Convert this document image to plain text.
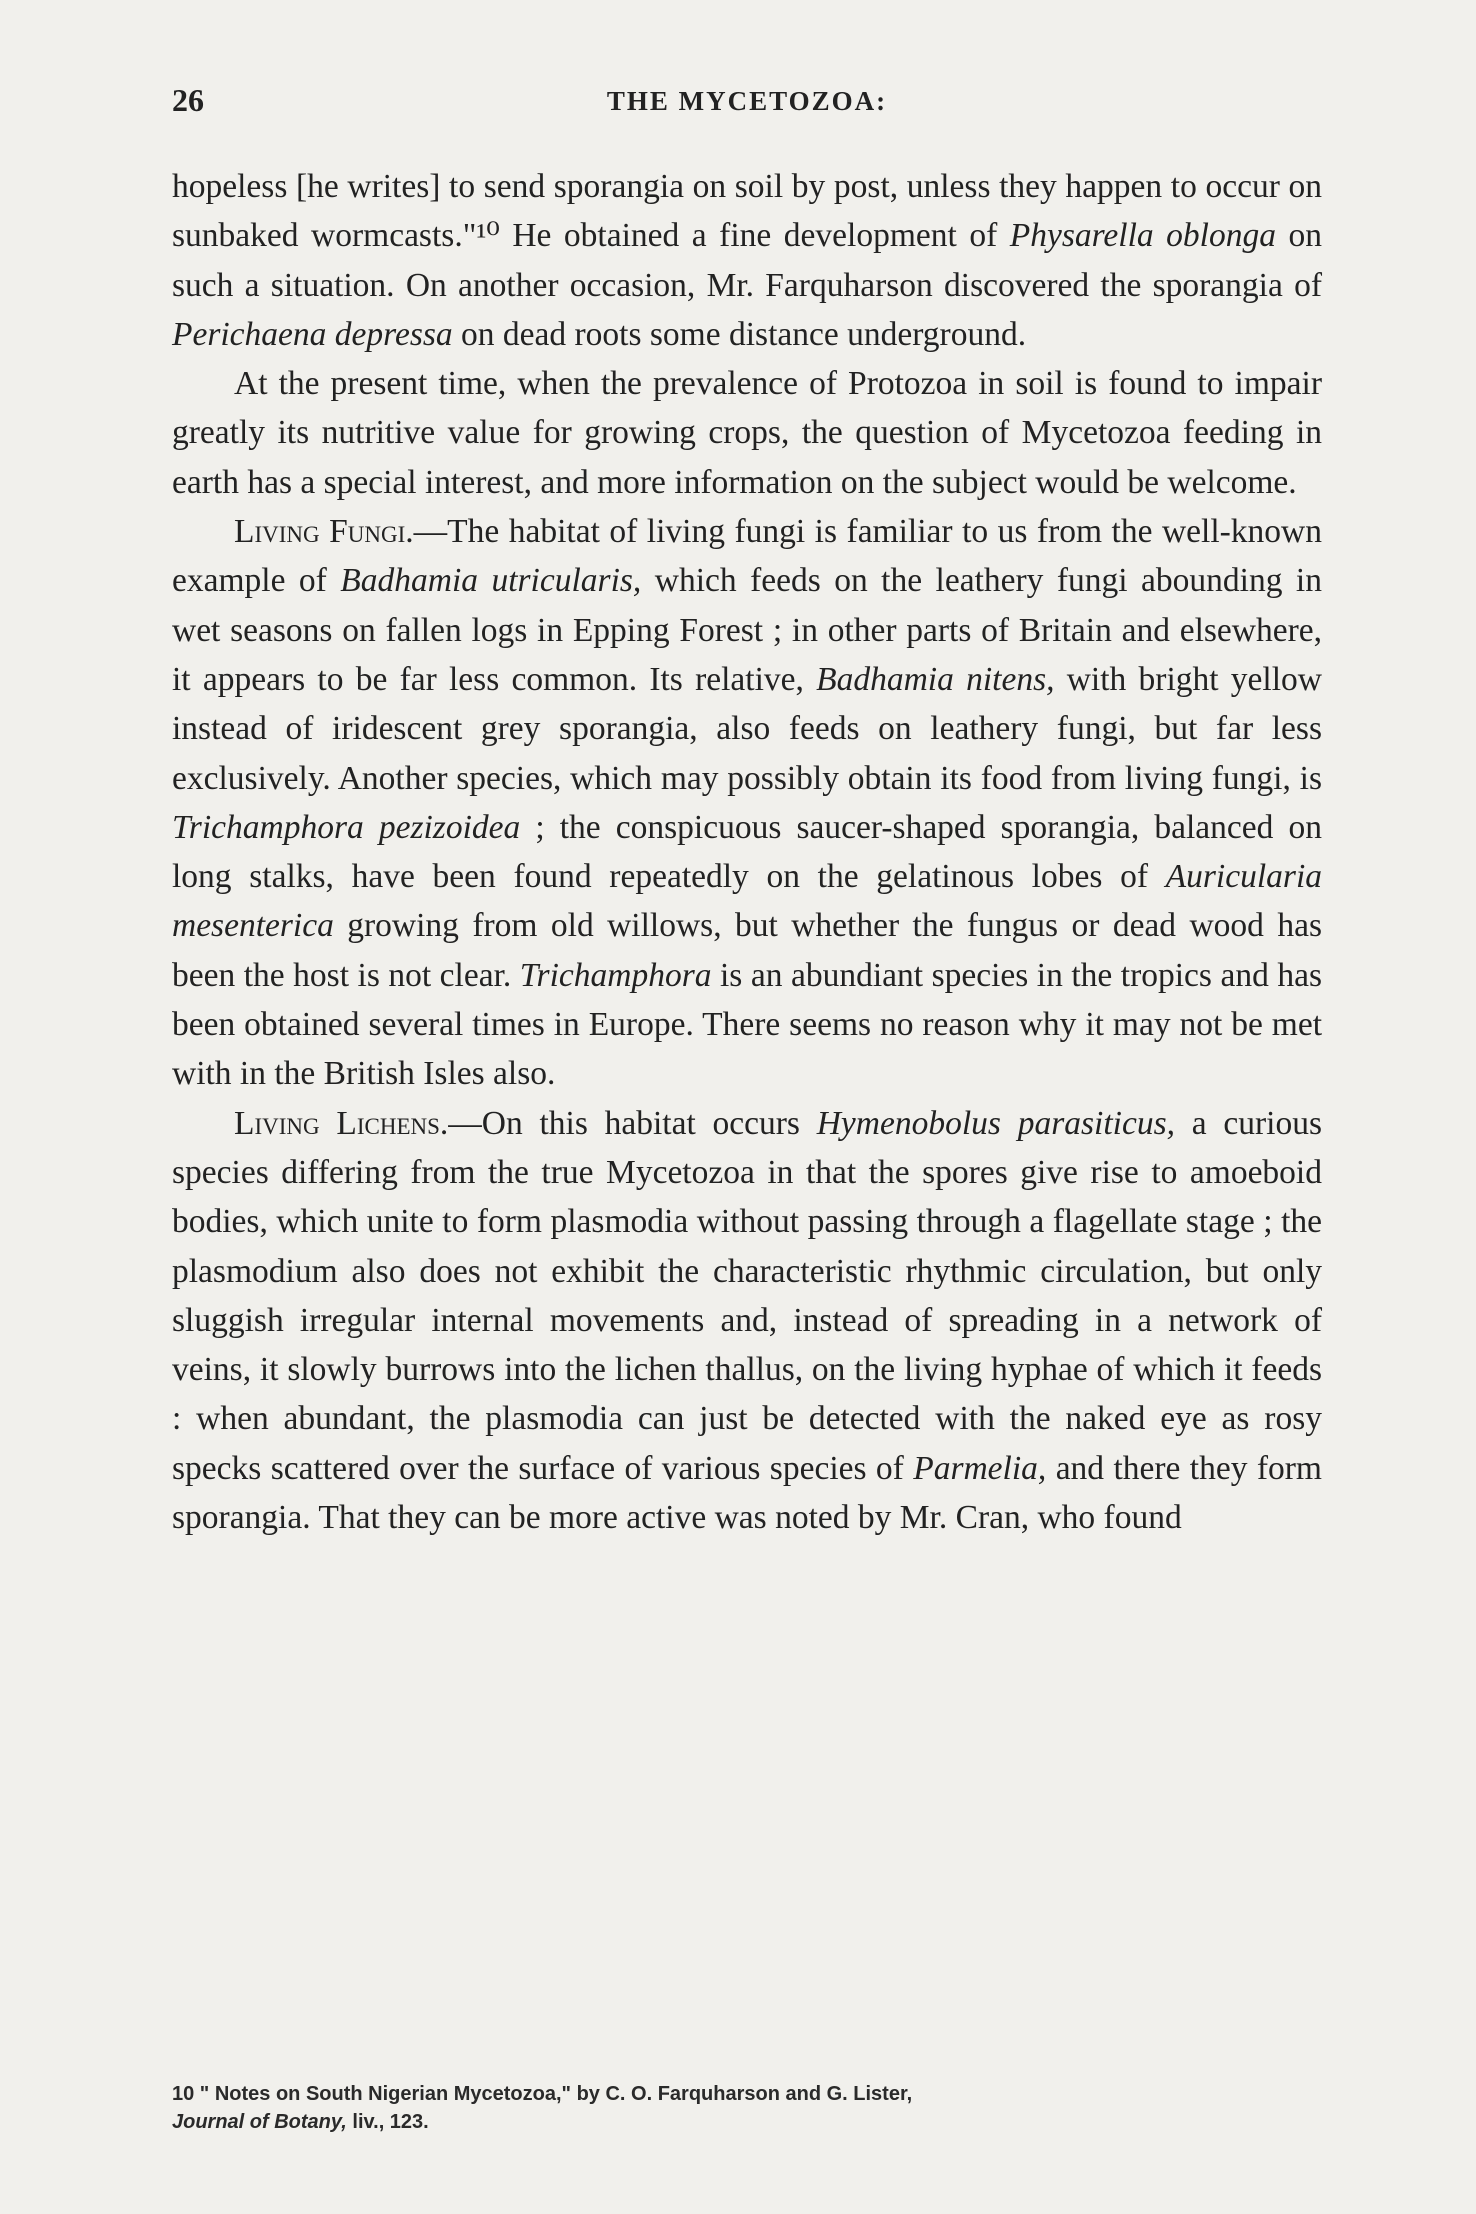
26	THE MYCETOZOA:

hopeless [he writes] to send sporangia on soil by post, unless they happen to occur on sunbaked wormcasts."¹⁰ He obtained a fine development of Physarella oblonga on such a situation. On another occasion, Mr. Farquharson discovered the sporangia of Perichaena depressa on dead roots some distance underground.

At the present time, when the prevalence of Protozoa in soil is found to impair greatly its nutritive value for growing crops, the question of Mycetozoa feeding in earth has a special interest, and more information on the subject would be welcome.

Living Fungi.—The habitat of living fungi is familiar to us from the well-known example of Badhamia utricularis, which feeds on the leathery fungi abounding in wet seasons on fallen logs in Epping Forest ; in other parts of Britain and elsewhere, it appears to be far less common. Its relative, Badhamia nitens, with bright yellow instead of iridescent grey sporangia, also feeds on leathery fungi, but far less exclusively. Another species, which may possibly obtain its food from living fungi, is Trichamphora pezizoidea ; the conspicuous saucer-shaped sporangia, balanced on long stalks, have been found repeatedly on the gelatinous lobes of Auricularia mesenterica growing from old willows, but whether the fungus or dead wood has been the host is not clear. Trichamphora is an abundiant species in the tropics and has been obtained several times in Europe. There seems no reason why it may not be met with in the British Isles also.

Living Lichens.—On this habitat occurs Hymenobolus parasiticus, a curious species differing from the true Mycetozoa in that the spores give rise to amoeboid bodies, which unite to form plasmodia without passing through a flagellate stage ; the plasmodium also does not exhibit the characteristic rhythmic circulation, but only sluggish irregular internal movements and, instead of spreading in a network of veins, it slowly burrows into the lichen thallus, on the living hyphae of which it feeds : when abundant, the plasmodia can just be detected with the naked eye as rosy specks scattered over the surface of various species of Parmelia, and there they form sporangia. That they can be more active was noted by Mr. Cran, who found

10 " Notes on South Nigerian Mycetozoa," by C. O. Farquharson and G. Lister,

Journal of Botany, liv., 123.
